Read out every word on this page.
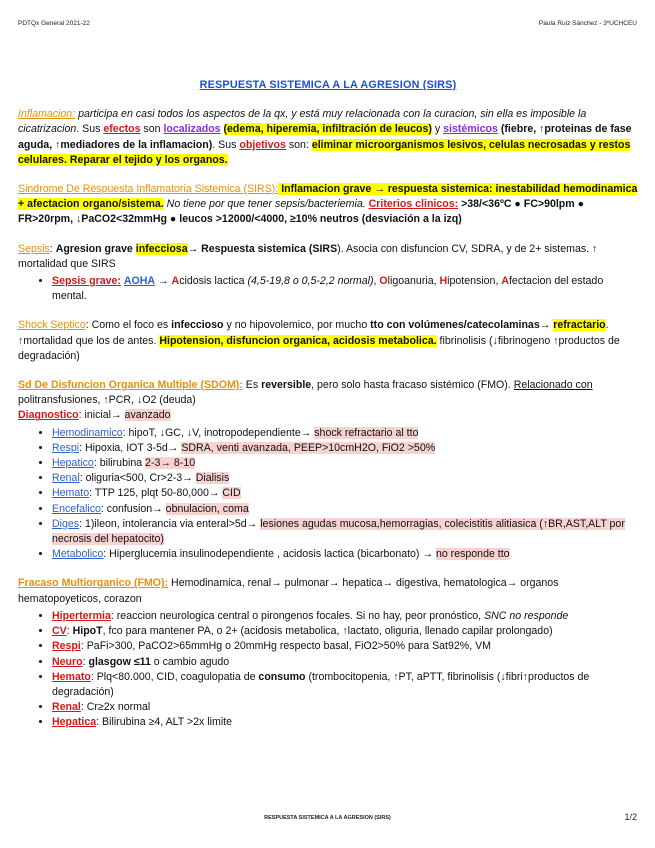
PDTQx General 2021-22	Paula Ruiz Sánchez - 3ºUCHCEU
RESPUESTA SISTEMICA A LA AGRESION (SIRS)

Inflamacion: participa en casi todos los aspectos de la qx, y está muy relacionada con la curacion, sin ella es imposible la cicatrizacion. Sus efectos son localizados (edema, hiperemia, infiltración de leucos) y sistémicos (fiebre, ↑proteinas de fase aguda, ↑mediadores de la inflamacion). Sus objetivos son: eliminar microorganismos lesivos, celulas necrosadas y restos celulares. Reparar el tejido y los organos.

Sindrome De Respuesta Inflamatoria Sistemica (SIRS): Inflamacion grave → respuesta sistemica: inestabilidad hemodinamica + afectacion organo/sistema. No tiene por que tener sepsis/bacteriemia. Criterios clinicos: >38/<36ºC ● FC>90lpm ● FR>20rpm, ↓PaCO2<32mmHg ● leucos >12000/<4000, ≥10% neutros (desviación a la izq)

Sepsis: Agresion grave infecciosa→ Respuesta sistemica (SIRS). Asocia con disfuncion CV, SDRA, y de 2+ sistemas. ↑ mortalidad que SIRS

• Sepsis grave: AOHA → Acidosis lactica (4,5-19,8 o 0,5-2,2 normal), Oligoanuria, Hipotension, Afectacion del estado mental.

Shock Septico: Como el foco es infeccioso y no hipovolemico, por mucho tto con volúmenes/catecolaminas→ refractario. ↑mortalidad que los de antes. Hipotension, disfuncion organica, acidosis metabolica. fibrinolisis (↓fibrinogeno ↑productos de degradación)

Sd De Disfuncion Organica Multiple (SDOM): Es reversible, pero solo hasta fracaso sistémico (FMO). Relacionado con politransfusiones, ↑PCR, ↓O2 (deuda)

Diagnostico: inicial→ avanzado

• Hemodinamico: hipoT, ↓GC, ↓V, inotropodependiente→ shock refractario al tto
• Respi: Hipoxia, IOT 3-5d→ SDRA, venti avanzada, PEEP>10cmH2O, FiO2 >50%
• Hepatico: bilirubina 2-3→ 8-10
• Renal: oliguria<500, Cr>2-3→ Dialisis
• Hemato: TTP 125, plqt 50-80,000→ CID
• Encefalico: confusion→ obnulacion, coma
• Diges: 1)ileon, intolerancia via enteral>5d→ lesiones agudas mucosa,hemorragias, colecistitis alitiasica (↑BR,AST,ALT por necrosis del hepatocito)
• Metabolico: Hiperglucemia insulinodependiente , acidosis lactica (bicarbonato) → no responde tto

Fracaso Multiorganico (FMO): Hemodinamica, renal→ pulmonar→ hepatica→ digestiva, hematologica→ organos hematopoyeticos, corazon

• Hipertermia: reaccion neurologica central o pirongenos focales. Si no hay, peor pronóstico, SNC no responde
• CV: HipoT, fco para mantener PA, o 2+ (acidosis metabolica, ↑lactato, oliguria, llenado capilar prolongado)
• Respi: PaFi>300, PaCO2>65mmHg o 20mmHg respecto basal, FiO2>50% para Sat92%, VM
• Neuro: glasgow ≤11 o cambio agudo
• Hemato: Plq<80.000, CID, coagulopatia de consumo (trombocitopenia, ↑PT, aPTT, fibrinolisis (↓fibri↑productos de degradación)
• Renal: Cr≥2x normal
• Hepatica: Bilirubina ≥4, ALT >2x limite
RESPUESTA SISTEMICA A LA AGRESION (SIRS)	1/2
